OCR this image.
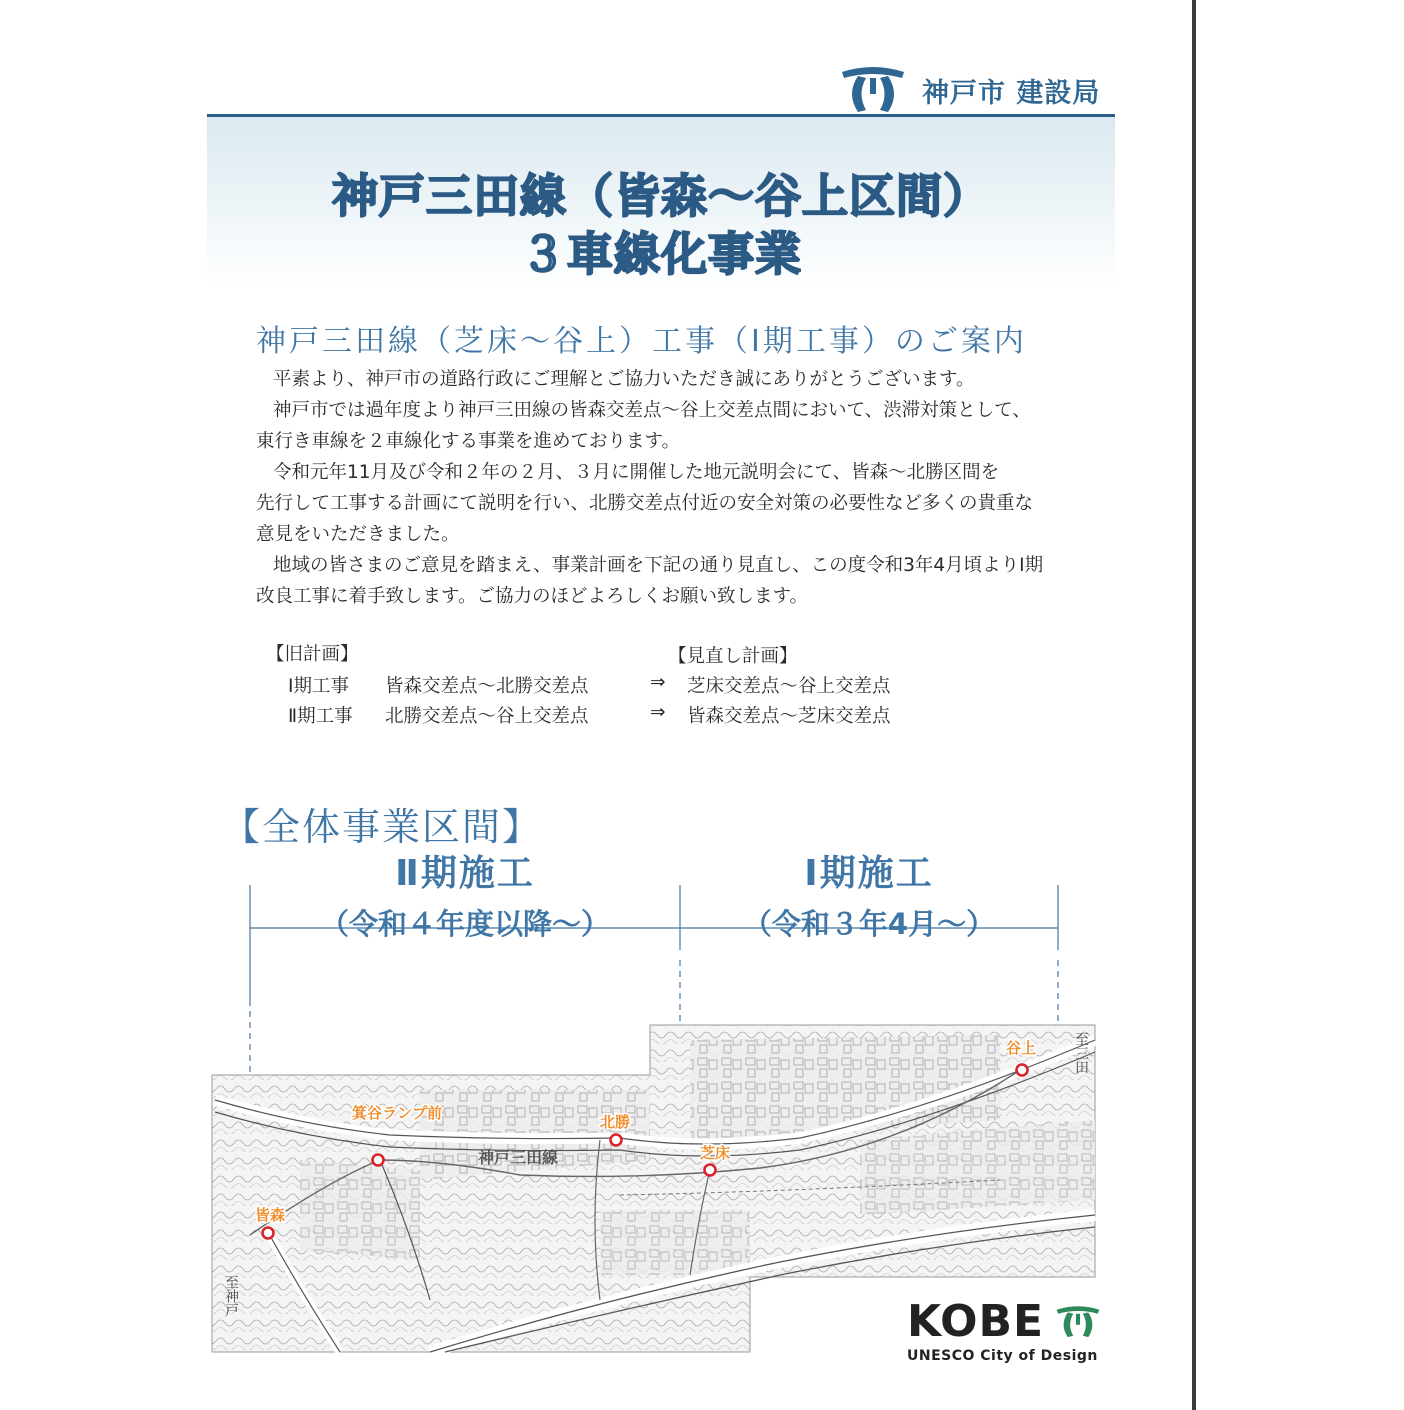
神戸市 建設局
神戸三田線（皆森～谷上区間）
３車線化事業
神戸三田線（芝床～谷上）工事（Ⅰ期工事）のご案内

平素より、神戸市の道路行政にご理解とご協力いただき誠にありがとうございます。

神戸市では過年度より神戸三田線の皆森交差点～谷上交差点間において、渋滞対策として、

東行き車線を２車線化する事業を進めております。

令和元年11月及び令和２年の２月、３月に開催した地元説明会にて、皆森～北勝区間を

先行して工事する計画にて説明を行い、北勝交差点付近の安全対策の必要性など多くの貴重な

意見をいただきました。

地域の皆さまのご意見を踏まえ、事業計画を下記の通り見直し、この度令和3年4月頃よりⅠ期

改良工事に着手致します。ご協力のほどよろしくお願い致します。

【旧計画】	【見直し計画】
Ⅰ期工事 皆森交差点～北勝交差点	⇒ 芝床交差点～谷上交差点
Ⅱ期工事 北勝交差点～谷上交差点	⇒ 皆森交差点～芝床交差点
【全体事業区間】
Ⅱ期施工
（令和４年度以降～）
Ⅰ期施工
（令和３年4月～）
神戸三田線
皆森
箕谷ランプ前
北勝
芝床
谷上
至神戸
至三田
KOBE
UNESCO City of Design
